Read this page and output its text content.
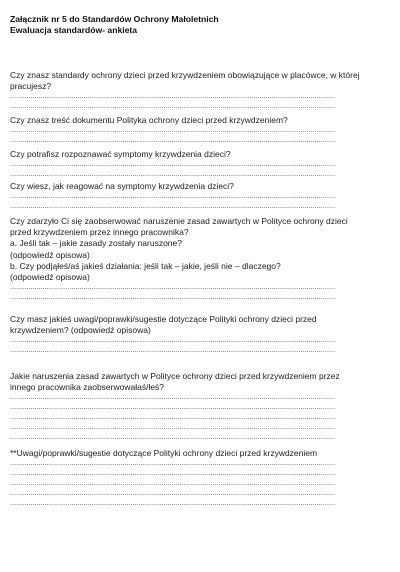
Załącznik nr 5 do Standardów Ochrony Małoletnich
Ewaluacja standardów- ankieta
Czy znasz standardy ochrony dzieci przed krzywdzeniem obowiązujące w placówce, w której
pracujesz?
...............................................................................................................................................................
...............................................................................................................................................................
Czy znasz treść dokumentu Polityka ochrony dzieci przed krzywdzeniem?
...............................................................................................................................................................
...............................................................................................................................................................
Czy potrafisz rozpoznawać symptomy krzywdzenia dzieci?
...............................................................................................................................................................
...............................................................................................................................................................
Czy wiesz, jak reagować na symptomy krzywdzenia dzieci?
...............................................................................................................................................................
...............................................................................................................................................................
Czy zdarzyło Ci się zaobserwować naruszenie zasad zawartych w Polityce ochrony dzieci
przed krzywdzeniem przez innego pracownika?
a. Jeśli tak – jakie zasady zostały naruszone?
(odpowiedź opisowa)
b. Czy podjąłeś/aś jakieś działania: jeśli tak – jakie, jeśli nie – dlaczego?
(odpowiedź opisowa)
...............................................................................................................................................................
...............................................................................................................................................................
Czy masz jakieś uwagi/poprawki/sugestie dotyczące Polityki ochrony dzieci przed
krzywdzeniem? (odpowiedź opisowa)
...............................................................................................................................................................
...............................................................................................................................................................
Jakie naruszenia zasad zawartych w Polityce ochrony dzieci przed krzywdzeniem przez
innego pracownika zaobserwowałaś/łeś?
...............................................................................................................................................................
...............................................................................................................................................................
...............................................................................................................................................................
...............................................................................................................................................................
...............................................................................................................................................................
**Uwagi/poprawki/sugestie dotyczące Polityki ochrony dzieci przed krzywdzeniem
...............................................................................................................................................................
...............................................................................................................................................................
...............................................................................................................................................................
...............................................................................................................................................................
...............................................................................................................................................................
